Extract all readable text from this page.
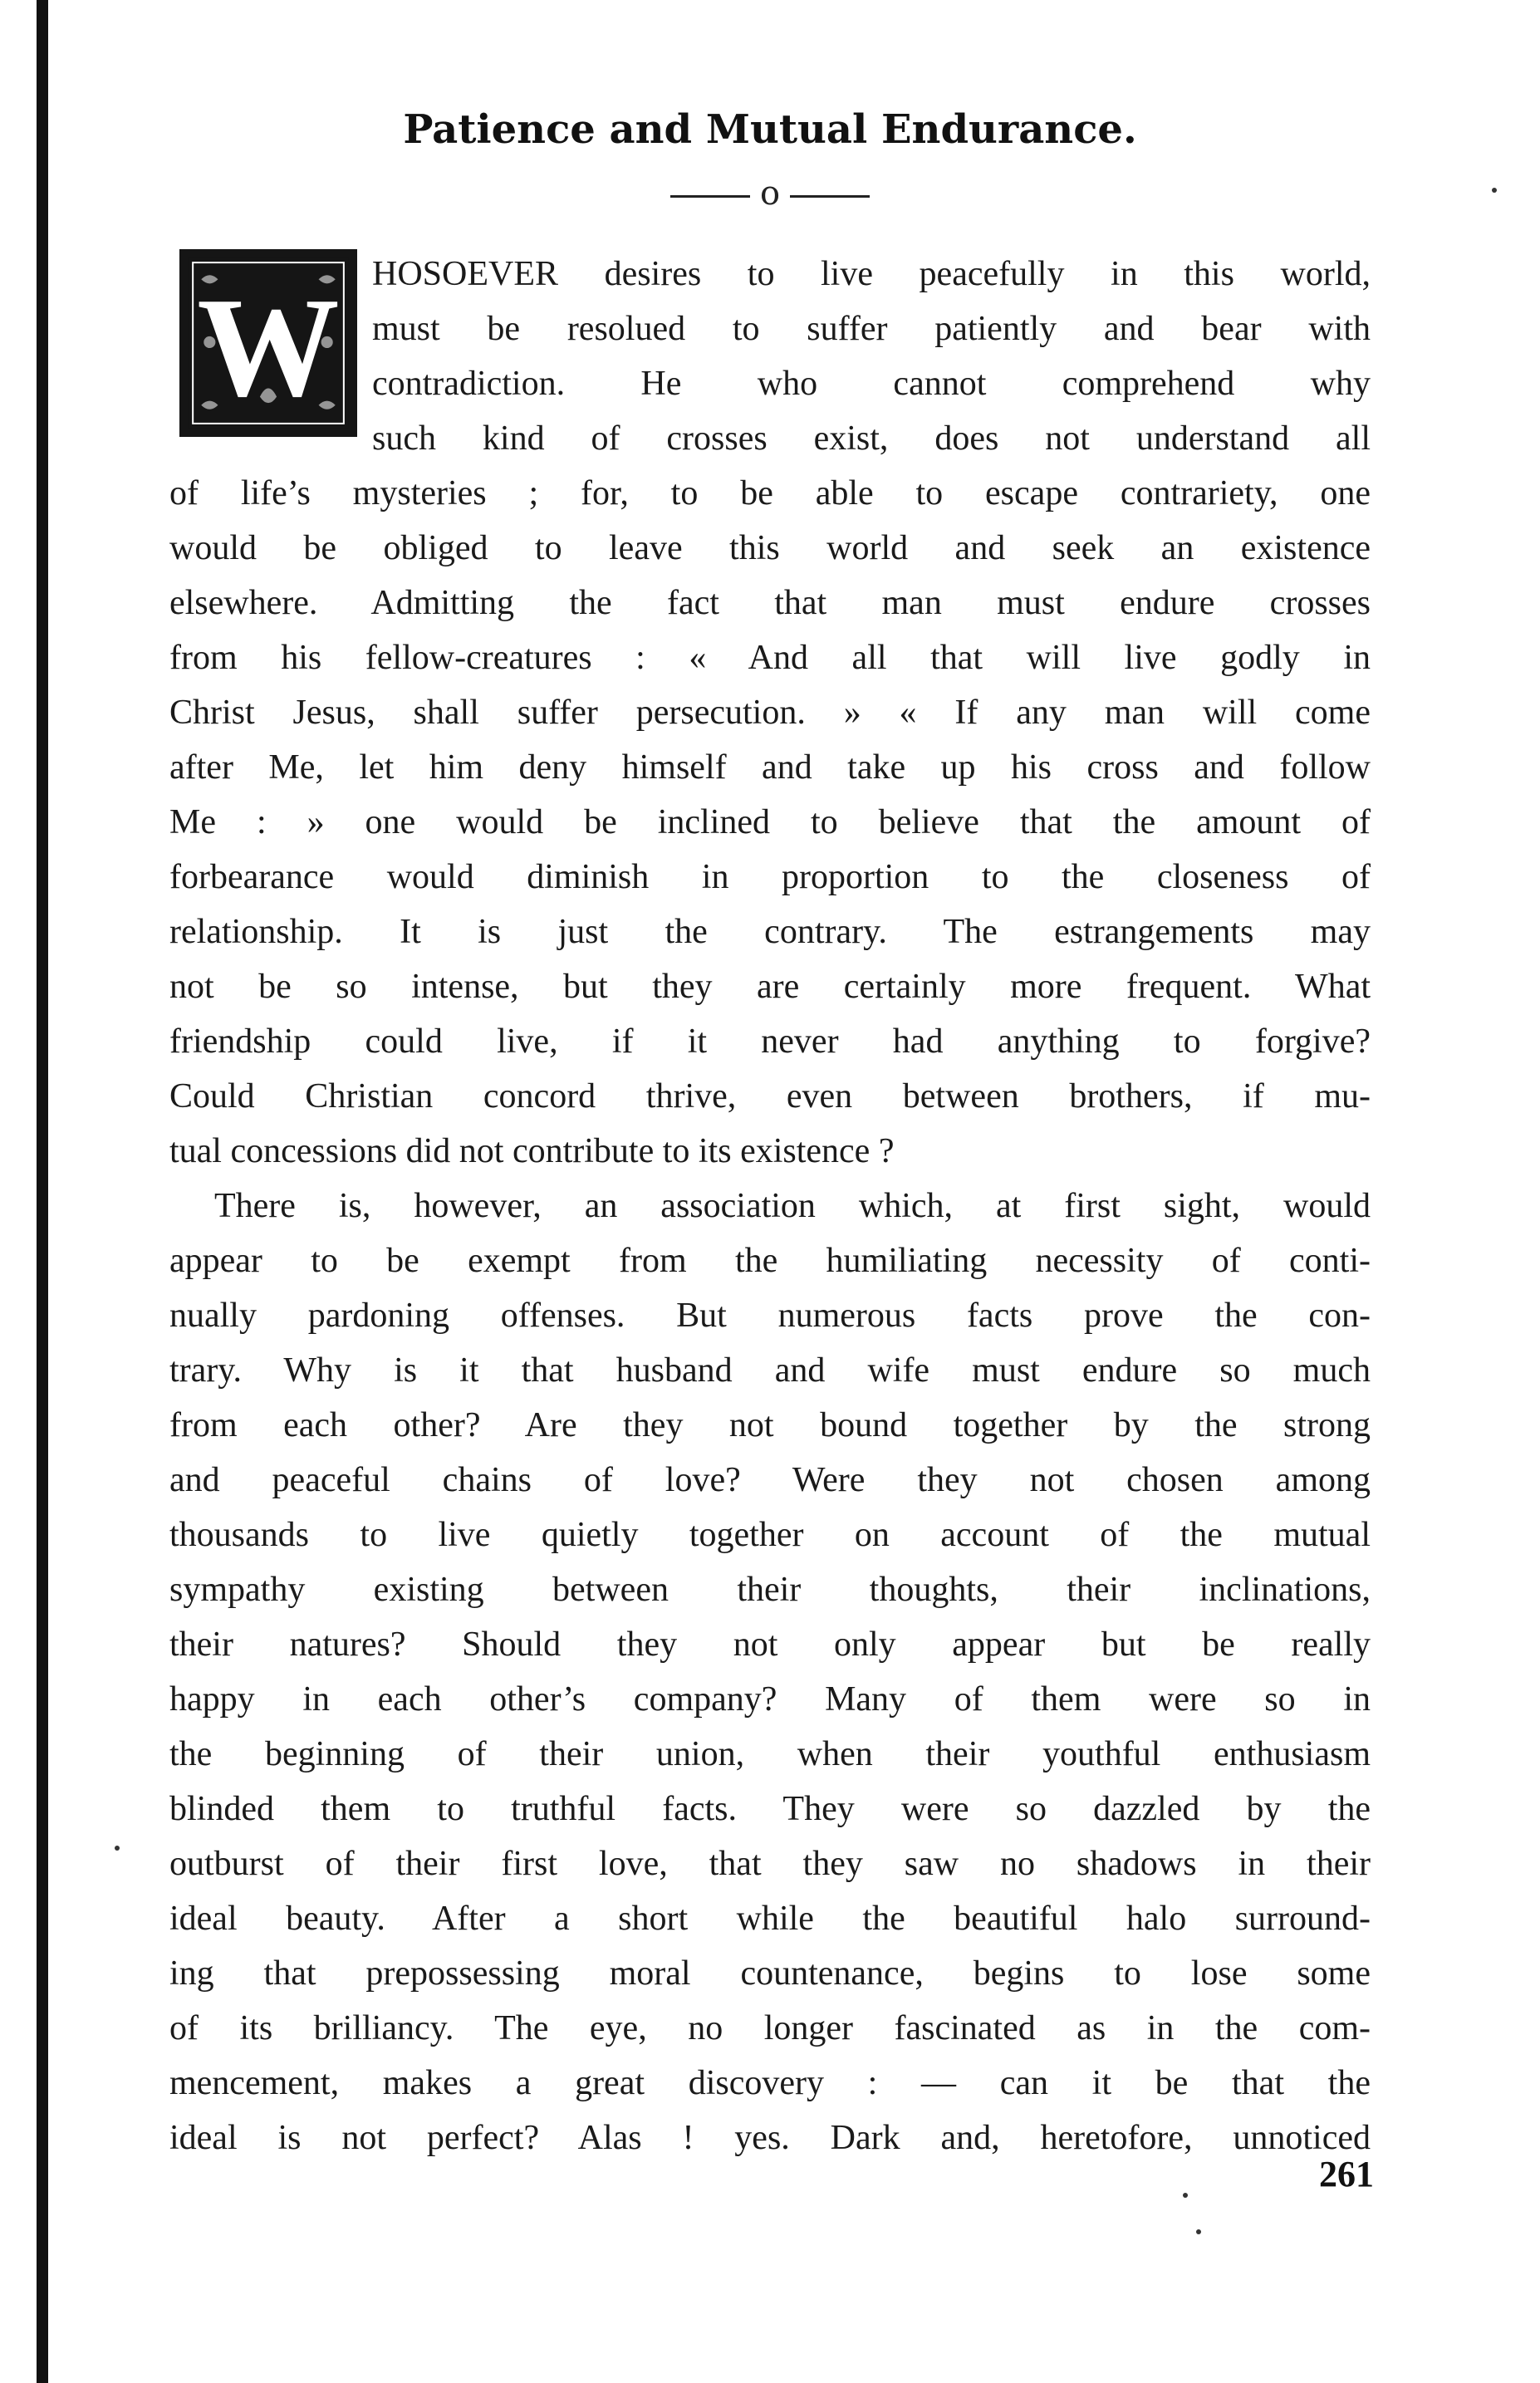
Patience and Mutual Endurance.
o
W HOSOEVER desires to live peacefully in this world,
must be resolued to suffer patiently and bear with
contradiction. He who cannot comprehend why
such kind of crosses exist, does not understand all
of life’s mysteries ; for, to be able to escape contrariety, one
would be obliged to leave this world and seek an existence
elsewhere. Admitting the fact that man must endure crosses
from his fellow-creatures : « And all that will live godly in
Christ Jesus, shall suffer persecution. » « If any man will come
after Me, let him deny himself and take up his cross and follow
Me : » one would be inclined to believe that the amount of
forbearance would diminish in proportion to the closeness of
relationship. It is just the contrary. The estrangements may
not be so intense, but they are certainly more frequent. What
friendship could live, if it never had anything to forgive?
Could Christian concord thrive, even between brothers, if mu-
tual concessions did not contribute to its existence ?
There is, however, an association which, at first sight, would
appear to be exempt from the humiliating necessity of conti-
nually pardoning offenses. But numerous facts prove the con-
trary. Why is it that husband and wife must endure so much
from each other? Are they not bound together by the strong
and peaceful chains of love? Were they not chosen among
thousands to live quietly together on account of the mutual
sympathy existing between their thoughts, their inclinations,
their natures? Should they not only appear but be really
happy in each other’s company? Many of them were so in
the beginning of their union, when their youthful enthusiasm
blinded them to truthful facts. They were so dazzled by the
outburst of their first love, that they saw no shadows in their
ideal beauty. After a short while the beautiful halo surround-
ing that prepossessing moral countenance, begins to lose some
of its brilliancy. The eye, no longer fascinated as in the com-
mencement, makes a great discovery : — can it be that the
ideal is not perfect? Alas ! yes. Dark and, heretofore, unnoticed
261
